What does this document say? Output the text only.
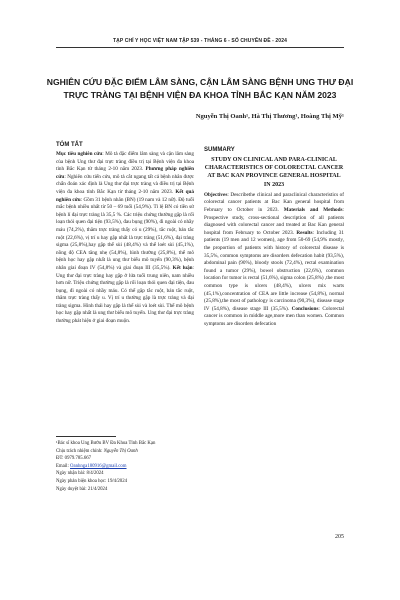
TẠP CHÍ Y HỌC VIỆT NAM TẬP 539 - THÁNG 6 - SỐ CHUYÊN ĐỀ - 2024
NGHIÊN CỨU ĐẶC ĐIỂM LÂM SÀNG, CẬN LÂM SÀNG BỆNH UNG THƯ ĐẠI TRỰC TRÀNG TẠI BỆNH VIỆN ĐA KHOA TỈNH BẮC KẠN NĂM 2023
Nguyễn Thị Oanh¹, Hà Thị Thương¹, Hoàng Thị Mỹ¹
TÓM TẮT

Mục tiêu nghiên cứu: Mô tả đặc điểm lâm sàng và cận lâm sàng của bệnh Ung thư đại trực tràng điều trị tại Bệnh viện đa khoa tỉnh Bắc Kạn từ tháng 2-10 năm 2023. Phương pháp nghiên cứu: Nghiên cứu tiến cứu, mô tả cắt ngang tất cả bệnh nhân được chẩn đoán xác định là Ung thư đại trực tràng và điều trị tại Bệnh viện đa khoa tỉnh Bắc Kạn từ tháng 2-10 năm 2023. Kết quả nghiên cứu: Gồm 31 bệnh nhân (BN) (19 nam và 12 nữ). Độ tuổi mắc bệnh nhiều nhất từ 50 – 69 tuổi (54,9%). Tỉ lệ BN có tiền sử bệnh lí đại trực tràng là 35,5 %. Các triệu chứng thường gặp là rối loạn thói quen đại tiện (93,5%), đau bụng (90%), đi ngoài có nhầy máu (74,2%), thăm trực tràng thấy có u (29%), tắc ruột, bán tắc ruột (22,6%), vị trí u hay gặp nhất là trực tràng (51,6%), đại tràng sigma (25,8%),hay gặp thể sùi (48,4%) và thể loét sùi (45,1%), nồng độ CEA tăng nhẹ (54,8%), hình thường (25,8%), thể mô bệnh học hay gặp nhất là ung thư biểu mô tuyến (90,3%), bệnh nhân giai đoạn IV (54,8%) và giai đoạn III (35,5%). Kết luận: Ung thư đại trực tràng hay gặp ở lứa tuổi trung niên, nam nhiều hơn nữ. Triệu chứng thường gặp là rối loạn thói quen đại tiện, đau bụng, đi ngoài có nhầy máu. Có thể gặp tắc ruột, bán tắc ruột, thăm trực tràng thấy u. Vị trí u thường gặp là trực tràng và đại tràng sigma. Hình thái hay gặp là thể sùi và loét sùi. Thể mô bệnh học hay gặp nhất là ung thư biểu mô tuyến. Ung thư đại trực tràng thường phát hiện ở giai đoạn muộn.

SUMMARY
STUDY ON CLINICAL AND PARA-CLINICAL CHARACTERISTICS OF COLORECTAL CANCER AT BAC KAN PROVINCE GENERAL HOSPITAL IN 2023

Objectives: Describethe clinical and paraclinical characteristics of colorectal cancer patients at Bac Kan general hospital from February to October in 2023. Materials and Methods: Prospective study, cross-sectional description of all patients diagnosed with colorectal cancer and treated at Bac Kan general hospital from February to October 2023. Results: Including 31 patients (19 men and 12 women), age from 50-69 (54,9% mostly, the proportion of patients with history of colorectal disease is 35,5%, common symptoms are disorders defecation habit (93,5%), abdominal pain (90%), bloody stools (72,4%), rectal examination found a tumor (29%), bowel obstruction (22,6%), common location for tumor is rectal (51,6%), sigma colon (25,8%) ,the most common type is ulcers (48,4%), ulcers mix warts (45,1%),concentration of CEA are little increase (54,8%), normal (25,8%),the most of pathology is carcinoma (90,3%), disease stage IV (54,8%), disease stage III (35,5%). Conclusions: Colorectal cancer is common in middle age,more men than women. Common symptoms are disorders defecation

¹Bác sĩ khoa Ung Bướu BV Đa Khoa Tỉnh Bắc Kạn
Chịu trách nhiệm chính: Nguyễn Thị Oanh
ĐT: 0979.785.667
Email: Oanhnga180916@gmail.com
Ngày nhận bài: 8/4/2024
Ngày phản biện khoa học: 19/4/2024
Ngày duyệt bài: 21/4/2024
205
